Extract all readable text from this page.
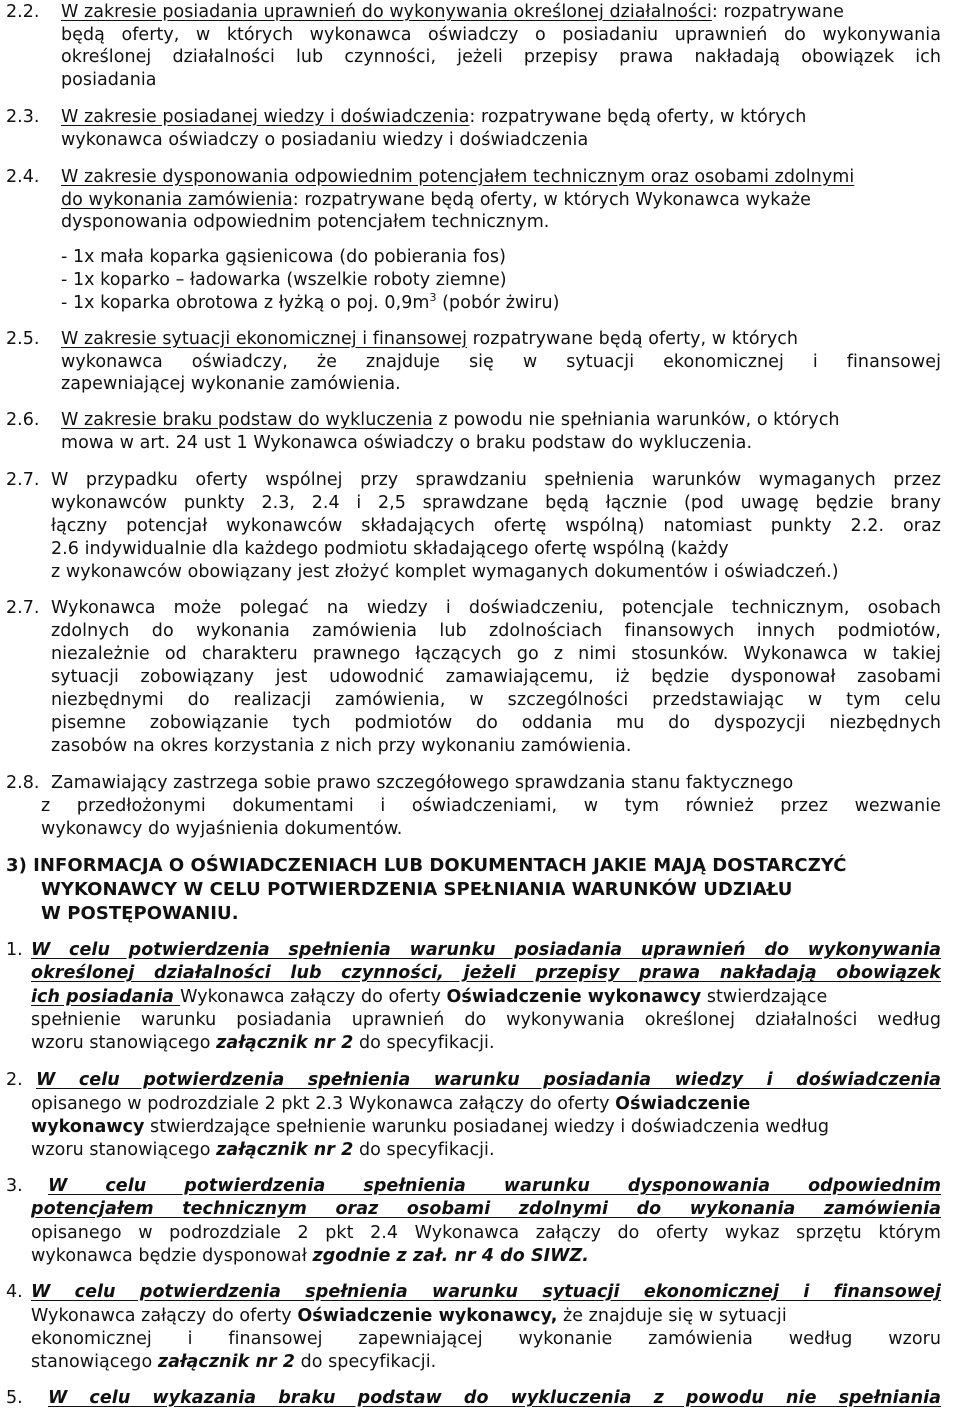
2.2.	W zakresie posiadania uprawnień do wykonywania określonej działalności: rozpatrywane
będą oferty, w których wykonawca oświadczy o posiadaniu uprawnień do wykonywania
określonej działalności lub czynności, jeżeli przepisy prawa nakładają obowiązek ich
posiadania
2.3.	W zakresie posiadanej wiedzy i doświadczenia: rozpatrywane będą oferty, w których
wykonawca oświadczy o posiadaniu wiedzy i doświadczenia
2.4.	W zakresie dysponowania odpowiednim potencjałem technicznym oraz osobami zdolnymi
do wykonania zamówienia: rozpatrywane będą oferty, w których Wykonawca wykaże
dysponowania odpowiednim potencjałem technicznym.
- 1x mała koparka gąsienicowa (do pobierania fos)
- 1x koparko – ładowarka (wszelkie roboty ziemne)
- 1x koparka obrotowa z łyżką o poj. $0,9m^3$ (pobór żwiru)
2.5.	W zakresie sytuacji ekonomicznej i finansowej rozpatrywane będą oferty, w których
wykonawca oświadczy, że znajduje się w sytuacji ekonomicznej i finansowej
zapewniającej wykonanie zamówienia.
2.6.	W zakresie braku podstaw do wykluczenia z powodu nie spełniania warunków, o których
mowa w art. 24 ust 1 Wykonawca oświadczy o braku podstaw do wykluczenia.
2.7. W przypadku oferty wspólnej przy sprawdzaniu spełnienia warunków wymaganych przez
wykonawców punkty 2.3, 2.4 i 2,5 sprawdzane będą łącznie (pod uwagę będzie brany
łączny potencjał wykonawców składających ofertę wspólną) natomiast punkty 2.2. oraz
2.6 indywidualnie dla każdego podmiotu składającego ofertę wspólną (każdy
z wykonawców obowiązany jest złożyć komplet wymaganych dokumentów i oświadczeń.)
2.7. Wykonawca może polegać na wiedzy i doświadczeniu, potencjale technicznym, osobach
zdolnych do wykonania zamówienia lub zdolnościach finansowych innych podmiotów,
niezależnie od charakteru prawnego łączących go z nimi stosunków. Wykonawca w takiej
sytuacji zobowiązany jest udowodnić zamawiającemu, iż będzie dysponował zasobami
niezbędnymi do realizacji zamówienia, w szczególności przedstawiając w tym celu
pisemne zobowiązanie tych podmiotów do oddania mu do dyspozycji niezbędnych
zasobów na okres korzystania z nich przy wykonaniu zamówienia.
2.8. Zamawiający zastrzega sobie prawo szczegółowego sprawdzania stanu faktycznego
z przedłożonymi dokumentami i oświadczeniami, w tym również przez wezwanie
wykonawcy do wyjaśnienia dokumentów.
3) INFORMACJA O OŚWIADCZENIACH LUB DOKUMENTACH JAKIE MAJĄ DOSTARCZYĆ
WYKONAWCY W CELU POTWIERDZENIA SPEŁNIANIA WARUNKÓW UDZIAŁU
W POSTĘPOWANIU.
1. W celu potwierdzenia spełnienia warunku posiadania uprawnień do wykonywania
określonej działalności lub czynności, jeżeli przepisy prawa nakładają obowiązek
ich posiadania Wykonawca załączy do oferty Oświadczenie wykonawcy stwierdzające
spełnienie warunku posiadania uprawnień do wykonywania określonej działalności według
wzoru stanowiącego załącznik nr 2 do specyfikacji.
2. W celu potwierdzenia spełnienia warunku posiadania wiedzy i doświadczenia
opisanego w podrozdziale 2 pkt 2.3 Wykonawca załączy do oferty Oświadczenie
wykonawcy stwierdzające spełnienie warunku posiadanej wiedzy i doświadczenia według
wzoru stanowiącego załącznik nr 2 do specyfikacji.
3.	W celu potwierdzenia spełnienia warunku dysponowania odpowiednim
potencjałem technicznym oraz osobami zdolnymi do wykonania zamówienia
opisanego w podrozdziale 2 pkt 2.4 Wykonawca załączy do oferty wykaz sprzętu którym
wykonawca będzie dysponował zgodnie z zał. nr 4 do SIWZ.
4. W celu potwierdzenia spełnienia warunku sytuacji ekonomicznej i finansowej
Wykonawca załączy do oferty Oświadczenie wykonawcy, że znajduje się w sytuacji
ekonomicznej i finansowej zapewniającej wykonanie zamówienia według wzoru
stanowiącego załącznik nr 2 do specyfikacji.
5.	W celu wykazania braku podstaw do wykluczenia z powodu nie spełniania
